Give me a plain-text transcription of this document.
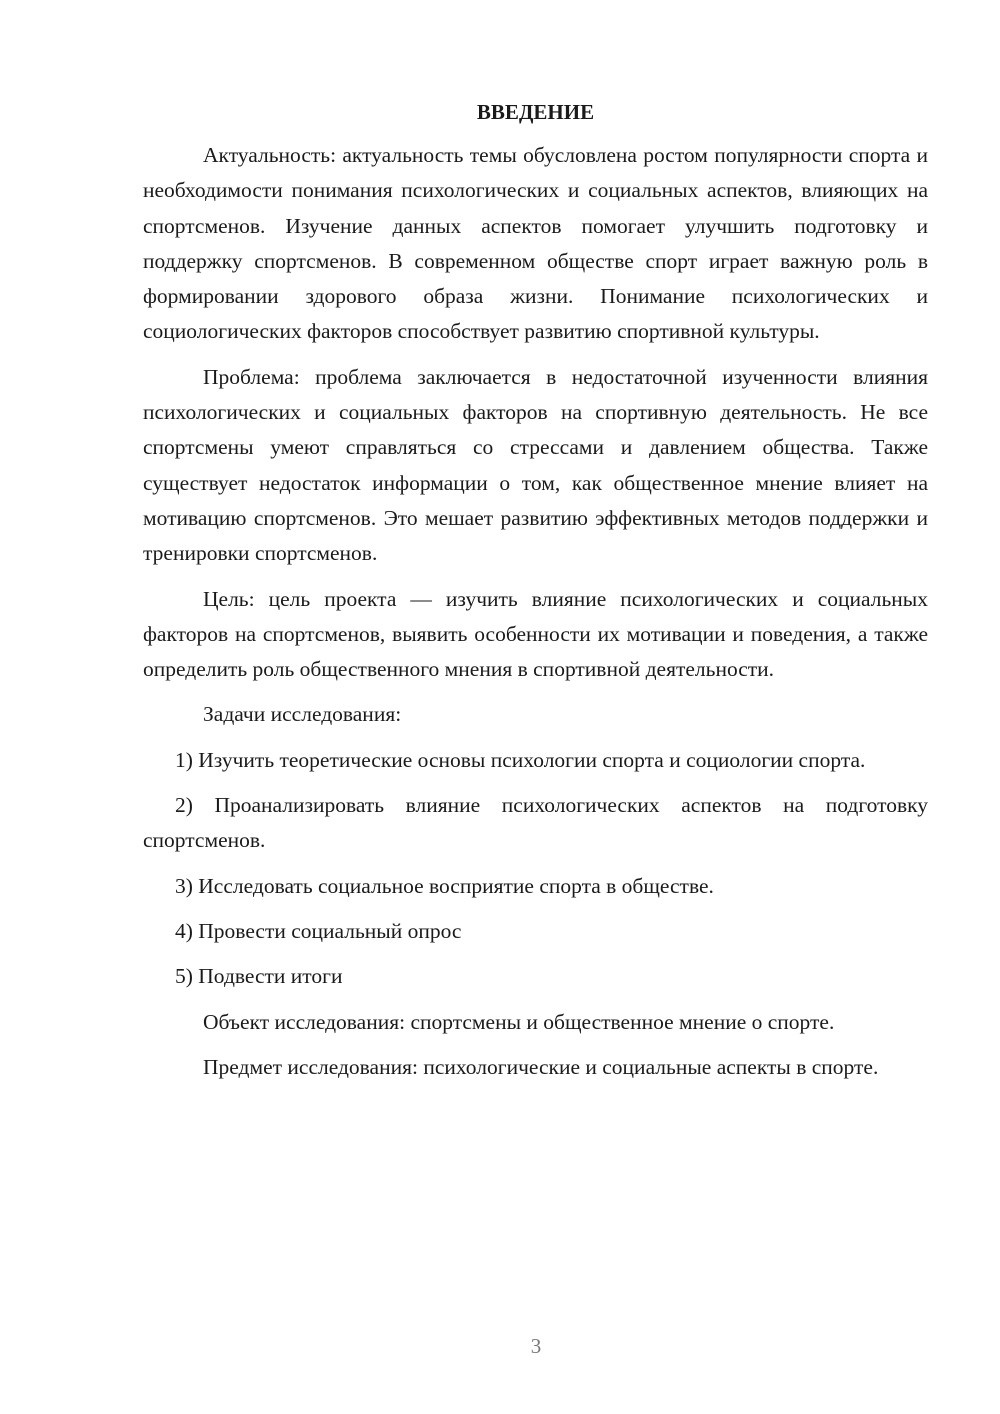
ВВЕДЕНИЕ
Актуальность: актуальность темы обусловлена ростом популярности спорта и необходимости понимания психологических и социальных аспектов, влияющих на спортсменов. Изучение данных аспектов помогает улучшить подготовку и поддержку спортсменов. В современном обществе спорт играет важную роль в формировании здорового образа жизни. Понимание психологических и социологических факторов способствует развитию спортивной культуры.
Проблема: проблема заключается в недостаточной изученности влияния психологических и социальных факторов на спортивную деятельность. Не все спортсмены умеют справляться со стрессами и давлением общества. Также существует недостаток информации о том, как общественное мнение влияет на мотивацию спортсменов. Это мешает развитию эффективных методов поддержки и тренировки спортсменов.
Цель: цель проекта — изучить влияние психологических и социальных факторов на спортсменов, выявить особенности их мотивации и поведения, а также определить роль общественного мнения в спортивной деятельности.
Задачи исследования:
1) Изучить теоретические основы психологии спорта и социологии спорта.
2) Проанализировать влияние психологических аспектов на подготовку спортсменов.
3) Исследовать социальное восприятие спорта в обществе.
4) Провести социальный опрос
5) Подвести итоги
Объект исследования: спортсмены и общественное мнение о спорте.
Предмет исследования: психологические и социальные аспекты в спорте.
3
